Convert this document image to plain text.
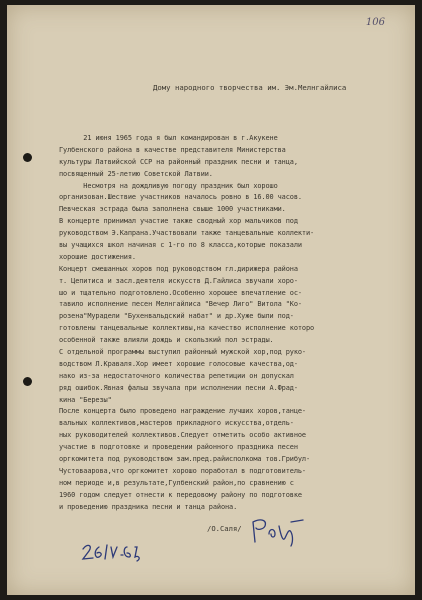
106
Дому народного творчества им. Эм.Мелнгайлиса
21 июня 1965 года я был командирован в г.Акукене
Гулбенского района в качестве представителя Министерства
культуры Латвийской ССР на районный праздник песни и танца,
посвященный 25-летию Советской Латвии.
Несмотря на дождливую погоду праздник был хорошо
организован.Шествие участников началось ровно в 16.00 часов.
Певческая эстрада была заполнена свыше 1000 участниками.
В концерте принимал участие также сводный хор мальчиков под
руководством Э.Капрана.Участвовали также танцевальные коллекти-
вы учащихся школ начиная с 1-го по 8 класса,которые показали
хорошие достижения.
Концерт смешанных хоров под руководством гл.дирижера района
т. Цепитиса и засл.деятеля искусств Д.Гайлиса звучали хоро-
шо и тщательно подготовлено.Особенно хорошее впечатление ос-
тавило исполнение песен Мелнгайлиса "Вечер Лиго" Витола "Ко-
розена"Мурадели "Бухенвальдский набат" и др.Хуже были под-
готовлены танцевальные коллективы,на качество исполнение которо
особенной также влияли дождь и скользкий пол эстрады.
С отдельной программы выступил районный мужской хор,под руко-
водством Л.Краваля.Хор имеет хорошие голосовые качества,од-
нако из-за недостаточного количества репетиции он допускал
ряд ошибок.Явная фальш звучала при исполнении песни А.Фрад-
кина "Березы"
После концерта было проведено награждение лучших хоров,танце-
вальных коллективов,мастеров прикладного искусства,отдель-
ных руководителей коллективов.Следует отметить особо активное
участие в подготовке и проведении районного праздника песен
оргкомитета под руководством зам.пред.райисполкома тов.Грибул-
Чустоваарова,что оргкомитет хорошо поработал в подготовитель-
ном периоде и,в результате,Гулбенский район,по сравнению с
1960 годом следует отнести к передовому району по подготовке
и проведению праздника песни и танца района.
/О.Саля/
